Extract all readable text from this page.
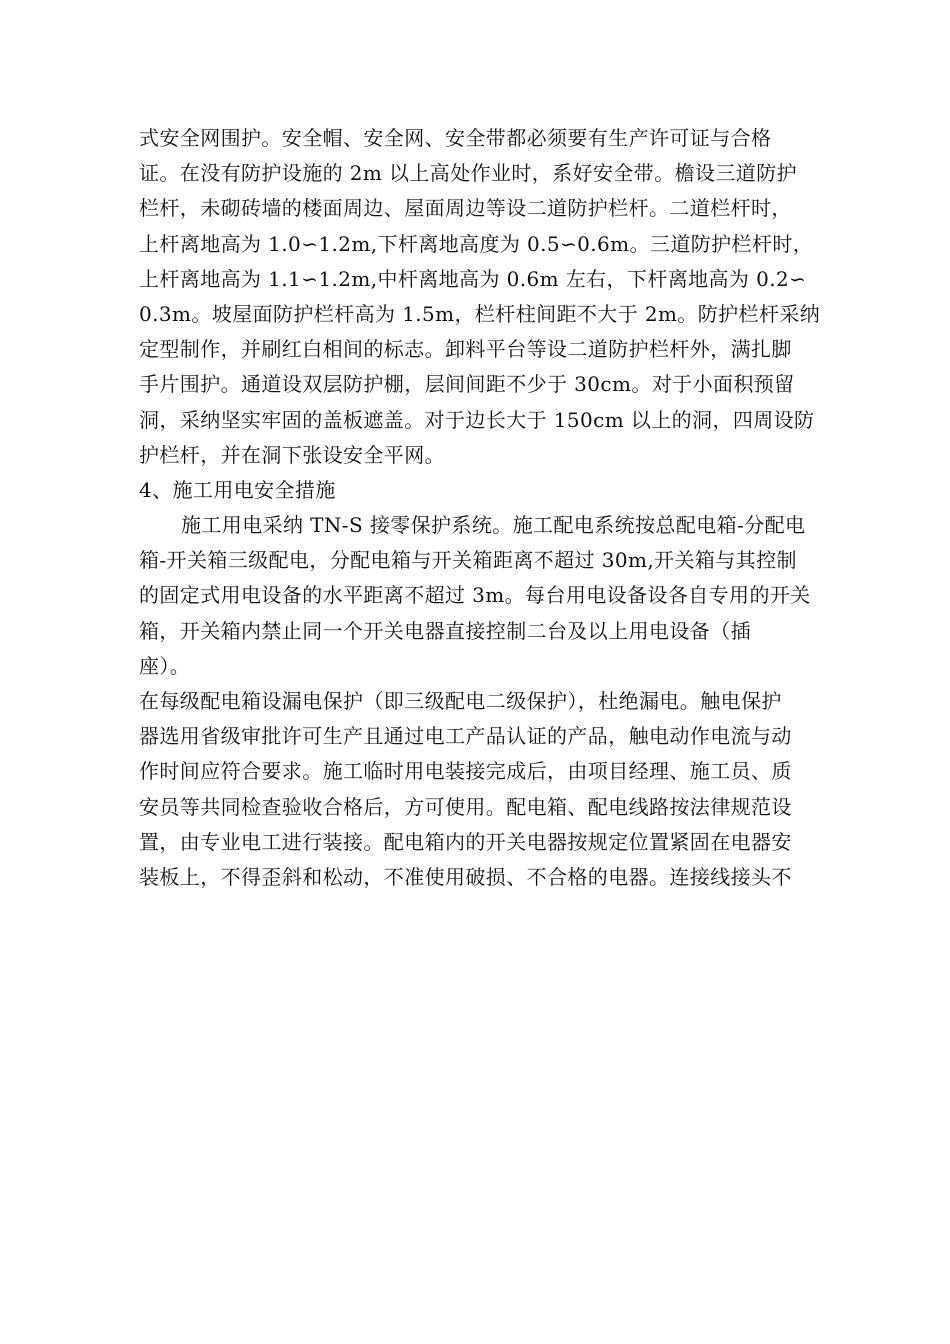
式安全网围护。安全帽、安全网、安全带都必须要有生产许可证与合格
证。在没有防护设施的 2m 以上高处作业时，系好安全带。檐设三道防护
栏杆，未砌砖墙的楼面周边、屋面周边等设二道防护栏杆。二道栏杆时，
上杆离地高为 1.0∽1.2m,下杆离地高度为 0.5∽0.6m。三道防护栏杆时，
上杆离地高为 1.1∽1.2m,中杆离地高为 0.6m 左右，下杆离地高为 0.2∽
0.3m。坡屋面防护栏杆高为 1.5m，栏杆柱间距不大于 2m。防护栏杆采纳
定型制作，并刷红白相间的标志。卸料平台等设二道防护栏杆外，满扎脚
手片围护。通道设双层防护棚，层间间距不少于 30cm。对于小面积预留
洞，采纳坚实牢固的盖板遮盖。对于边长大于 150cm 以上的洞，四周设防
护栏杆，并在洞下张设安全平网。
4、施工用电安全措施
施工用电采纳 TN-S 接零保护系统。施工配电系统按总配电箱-分配电
箱-开关箱三级配电，分配电箱与开关箱距离不超过 30m,开关箱与其控制
的固定式用电设备的水平距离不超过 3m。每台用电设备设各自专用的开关
箱，开关箱内禁止同一个开关电器直接控制二台及以上用电设备（插
座）。
在每级配电箱设漏电保护（即三级配电二级保护），杜绝漏电。触电保护
器选用省级审批许可生产且通过电工产品认证的产品，触电动作电流与动
作时间应符合要求。施工临时用电装接完成后，由项目经理、施工员、质
安员等共同检查验收合格后，方可使用。配电箱、配电线路按法律规范设
置，由专业电工进行装接。配电箱内的开关电器按规定位置紧固在电器安
装板上，不得歪斜和松动，不准使用破损、不合格的电器。连接线接头不
